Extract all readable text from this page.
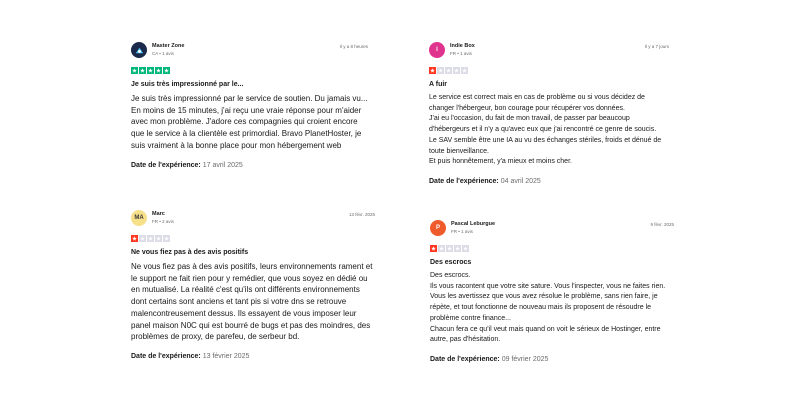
Master Zone
CA • 1 avis
Il y a 8 heures
Je suis très impressionné par le...

Je suis très impressionné par le service de soutien. Du jamais vu... En moins de 15 minutes, j'ai reçu une vraie réponse pour m'aider avec mon problème. J'adore ces compagnies qui croient encore que le service à la clientèle est primordial. Bravo PlanetHoster, je suis vraiment à la bonne place pour mon hébergement web

Date de l'expérience: 17 avril 2025
I
Indie Box
FR • 1 avis
Il y a 7 jours
A fuir

Le service est correct mais en cas de problème ou si vous décidez de changer l'hébergeur, bon courage pour récupérer vos données.

J'ai eu l'occasion, du fait de mon travail, de passer par beaucoup d'hébergeurs et il n'y a qu'avec eux que j'ai rencontré ce genre de soucis.

Le SAV semble être une IA au vu des échanges stériles, froids et dénué de toute bienveillance.

Et puis honnêtement, y'a mieux et moins cher.

Date de l'expérience: 04 avril 2025
MA
Marc
FR • 2 avis
13 févr. 2025
Ne vous fiez pas à des avis positifs

Ne vous fiez pas à des avis positifs, leurs environnements rament et le support ne fait rien pour y remédier, que vous soyez en dédié ou en mutualisé. La réalité c'est qu'ils ont différents environnements dont certains sont anciens et tant pis si votre dns se retrouve malencontreusement dessus. Ils essayent de vous imposer leur panel maison N0C qui est bourré de bugs et pas des moindres, des problèmes de proxy, de parefeu, de serbeur bd.

Date de l'expérience: 13 février 2025
P
Pascal Leburgue
FR • 1 avis
9 févr. 2025
Des escrocs

Des escrocs.

Ils vous racontent que votre site sature. Vous l'inspecter, vous ne faites rien. Vous les avertissez que vous avez résolue le problème, sans rien faire, je répète, et tout fonctionne de nouveau mais ils proposent de résoudre le problème contre finance...

Chacun fera ce qu'il veut mais quand on voit le sérieux de Hostinger, entre autre, pas d'hésitation.

Date de l'expérience: 09 février 2025
